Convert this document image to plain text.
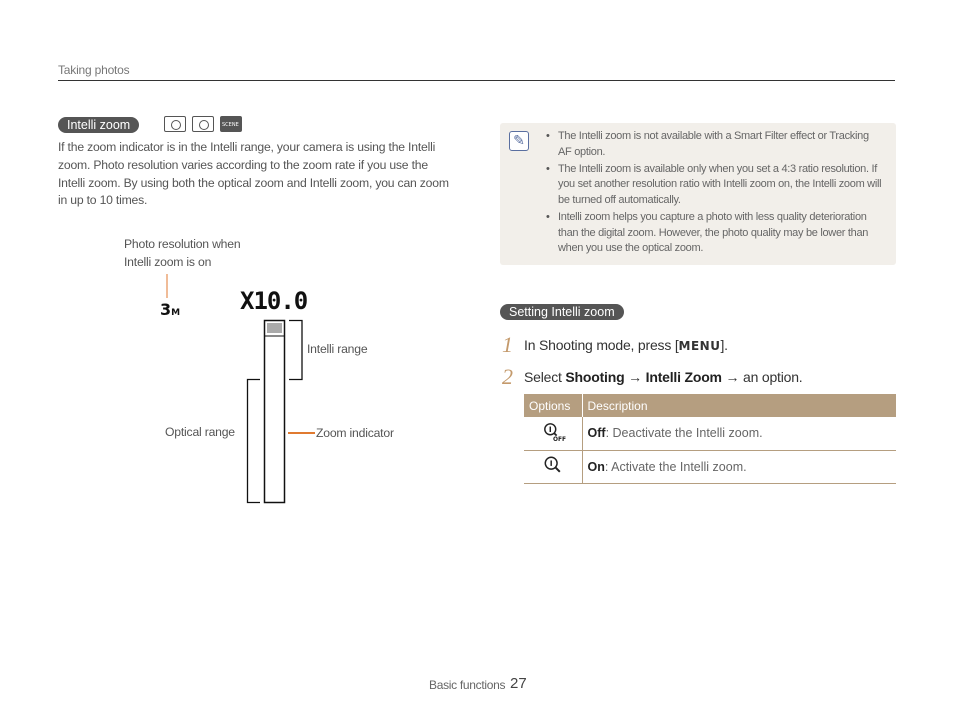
Taking photos
Intelli zoom
SCENE

If the zoom indicator is in the Intelli range, your camera is using the Intelli zoom. Photo resolution varies according to the zoom rate if you use the Intelli zoom. By using both the optical zoom and Intelli zoom, you can zoom in up to 10 times.

Photo resolution when
Intelli zoom is on
3M X10.0
Intelli range
Optical range	Zoom indicator
✎	• The Intelli zoom is not available with a Smart Filter effect or Tracking AF option.
• The Intelli zoom is available only when you set a 4:3 ratio resolution. If you set another resolution ratio with Intelli zoom on, the Intelli zoom will be turned off automatically.
• Intelli zoom helps you capture a photo with less quality deterioration than the digital zoom. However, the photo quality may be lower than when you use the optical zoom.
Setting Intelli zoom
1 In Shooting mode, press [MENU].
2 Select Shooting → Intelli Zoom → an option.
Options	Description

OFF	Off: Deactivate the Intelli zoom.
	On: Activate the Intelli zoom.
Basic functions 27
